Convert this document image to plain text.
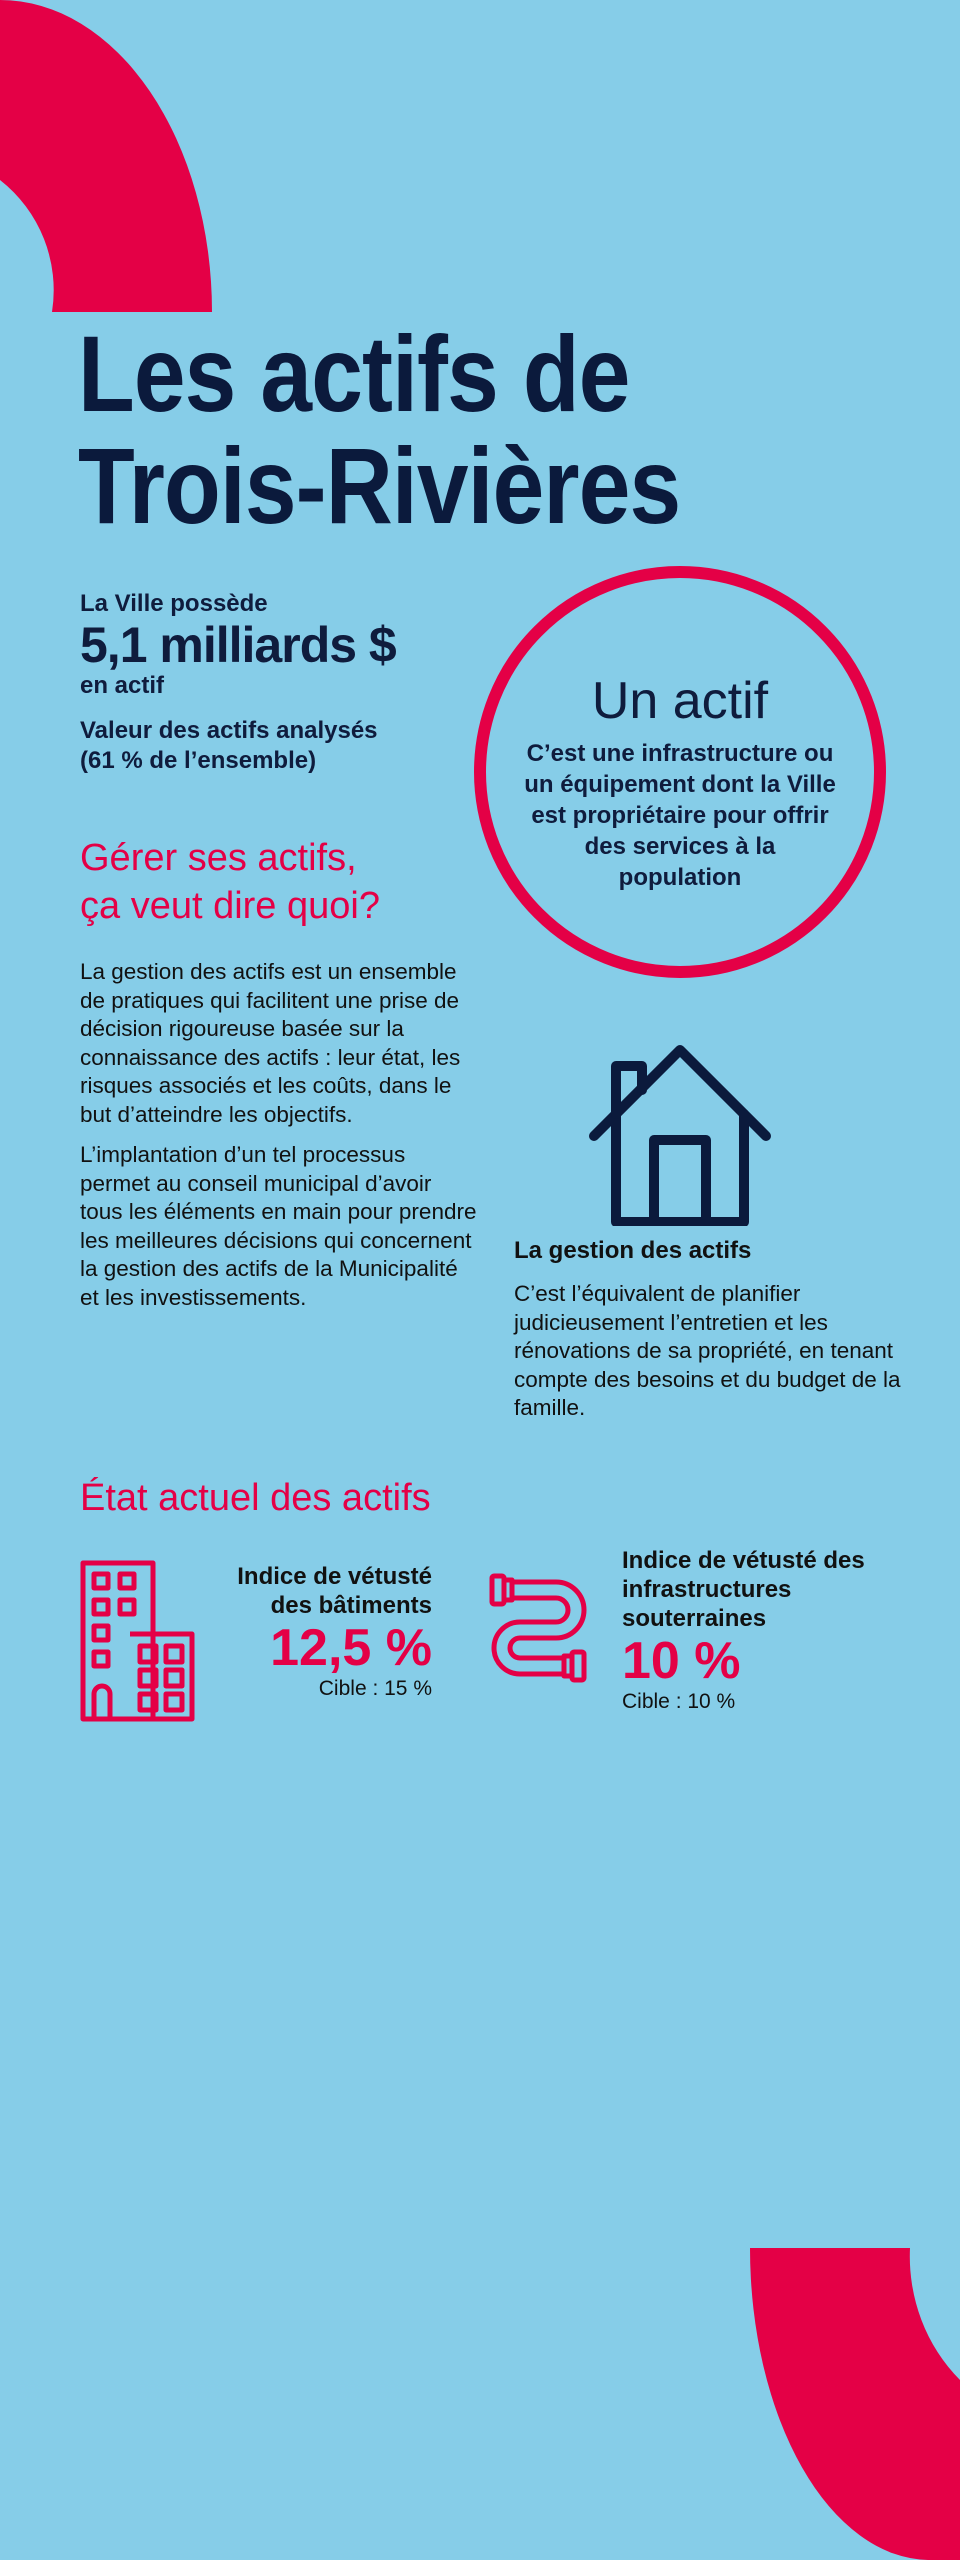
Les actifs de
Trois-Rivières
La Ville possède
5,1 milliards $
en actif
Valeur des actifs analysés
(61 % de l’ensemble)
Un actif
C’est une infrastructure ou un équipement dont la Ville est propriétaire pour offrir des services à la population
Gérer ses actifs,
ça veut dire quoi?

La gestion des actifs est un ensemble de pratiques qui facilitent une prise de décision rigoureuse basée sur la connaissance des actifs : leur état, les risques associés et les coûts, dans le but d’atteindre les objectifs.

L’implantation d’un tel processus permet au conseil municipal d’avoir tous les éléments en main pour prendre les meilleures décisions qui concernent la gestion des actifs de la Municipalité et les investissements.

La gestion des actifs
C’est l’équivalent de planifier judicieusement l’entretien et les rénovations de sa propriété, en tenant compte des besoins et du budget de la famille.
État actuel des actifs
Indice de vétusté des bâtiments
12,5 %
Cible : 15 %
Indice de vétusté des infrastructures souterraines
10 %
Cible : 10 %
